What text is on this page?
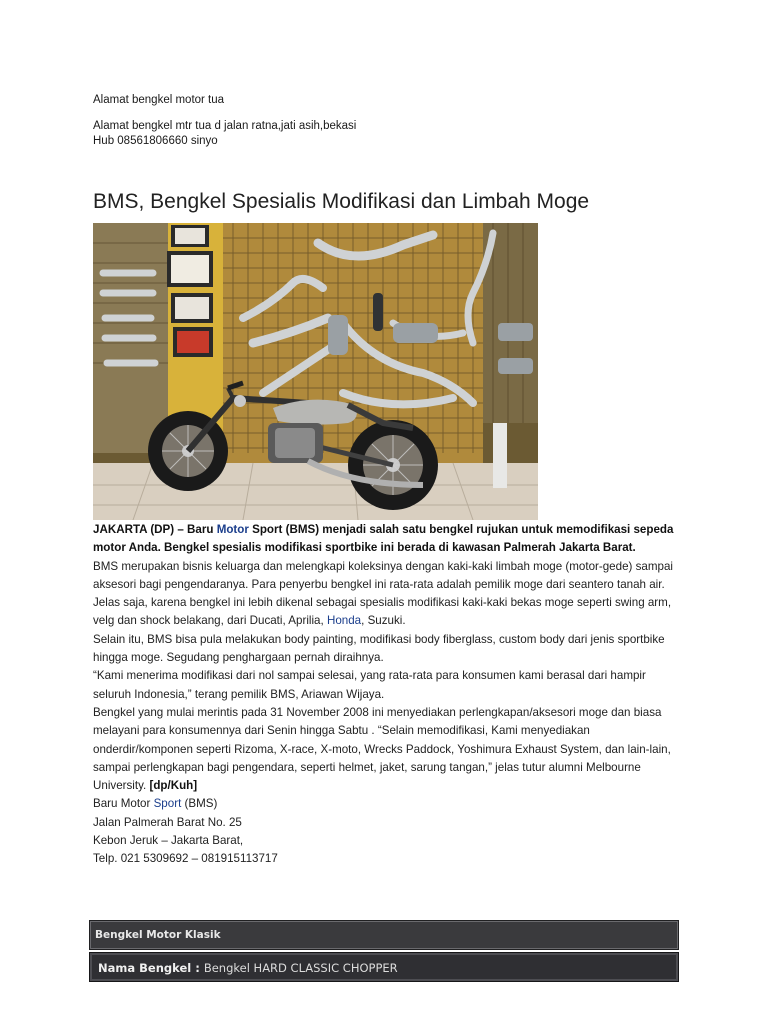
Alamat bengkel motor tua
Alamat bengkel mtr tua d jalan ratna,jati asih,bekasi
Hub 08561806660 sinyo
BMS, Bengkel Spesialis Modifikasi dan Limbah Moge

JAKARTA (DP) – Baru Motor Sport (BMS) menjadi salah satu bengkel rujukan untuk memodifikasi sepeda motor Anda. Bengkel spesialis modifikasi sportbike ini berada di kawasan Palmerah Jakarta Barat.

BMS merupakan bisnis keluarga dan melengkapi koleksinya dengan kaki-kaki limbah moge (motor-gede) sampai aksesori bagi pengendaranya. Para penyerbu bengkel ini rata-rata adalah pemilik moge dari seantero tanah air.

Jelas saja, karena bengkel ini lebih dikenal sebagai spesialis modifikasi kaki-kaki bekas moge seperti swing arm, velg dan shock belakang, dari Ducati, Aprilia, Honda, Suzuki.

Selain itu, BMS bisa pula melakukan body painting, modifikasi body fiberglass, custom body dari jenis sportbike hingga moge. Segudang penghargaan pernah diraihnya.

“Kami menerima modifikasi dari nol sampai selesai, yang rata-rata para konsumen kami berasal dari hampir seluruh Indonesia,” terang pemilik BMS, Ariawan Wijaya.

Bengkel yang mulai merintis pada 31 November 2008 ini menyediakan perlengkapan/aksesori moge dan biasa melayani para konsumennya dari Senin hingga Sabtu . “Selain memodifikasi, Kami menyediakan onderdir/komponen seperti Rizoma, X-race, X-moto, Wrecks Paddock, Yoshimura Exhaust System, dan lain-lain, sampai perlengkapan bagi pengendara, seperti helmet, jaket, sarung tangan,” jelas tutur alumni Melbourne University. [dp/Kuh]

Baru Motor Sport (BMS)

Jalan Palmerah Barat No. 25

Kebon Jeruk – Jakarta Barat,

Telp. 021 5309692 – 081915113717

Bengkel Motor Klasik
Nama Bengkel : Bengkel HARD CLASSIC CHOPPER
